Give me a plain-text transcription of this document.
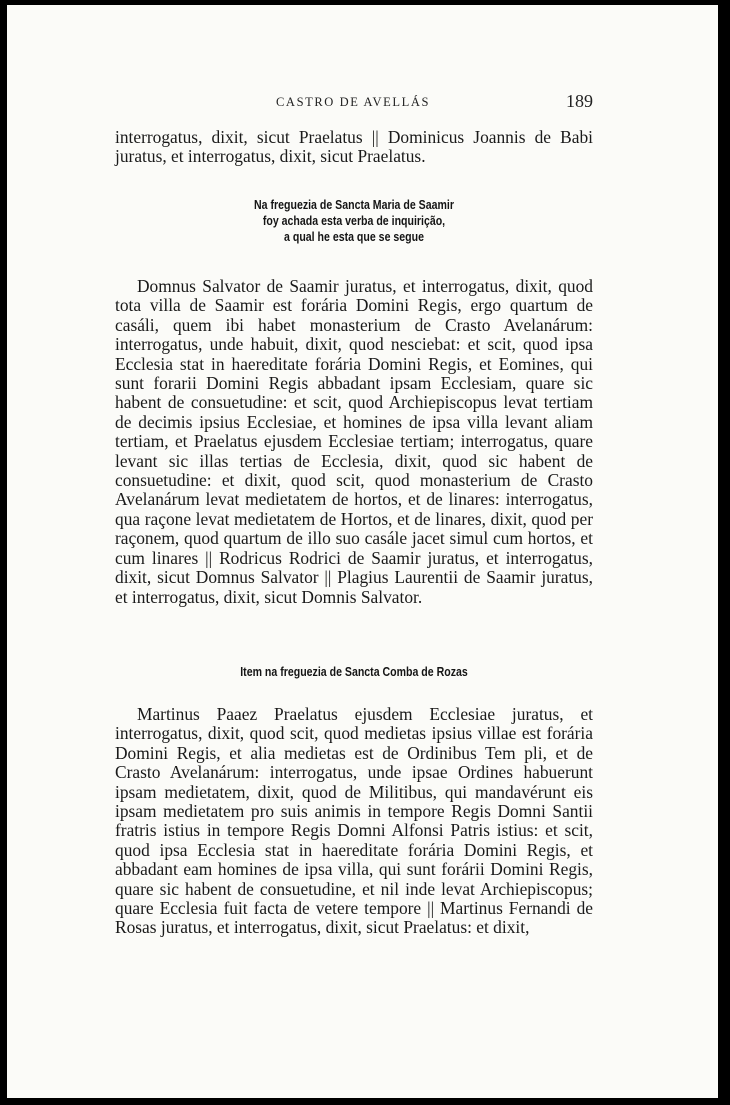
CASTRO DE AVELLÁS	189

interrogatus, dixit, sicut Praelatus || Dominicus Joannis de Babi juratus, et interrogatus, dixit, sicut Praelatus.

Na freguezia de Sancta Maria de Saamir
foy achada esta verba de inquirição,
a qual he esta que se segue

Domnus Salvator de Saamir juratus, et interrogatus, dixit, quod tota villa de Saamir est forária Domini Regis, ergo quartum de casáli, quem ibi habet monasterium de Crasto Avelanárum: interrogatus, unde habuit, dixit, quod nesciebat: et scit, quod ipsa Ecclesia stat in haereditate forária Domini Regis, et Eomines, qui sunt forarii Domini Regis abbadant ipsam Ecclesiam, quare sic habent de consuetudine: et scit, quod Archiepiscopus levat tertiam de decimis ipsius Ecclesiae, et homines de ipsa villa levant aliam tertiam, et Praelatus ejusdem Ecclesiae tertiam; interrogatus, quare levant sic illas tertias de Ecclesia, dixit, quod sic habent de consuetudine: et dixit, quod scit, quod monasterium de Crasto Avelanárum levat medietatem de hortos, et de linares: interrogatus, qua raçone levat medietatem de Hortos, et de linares, dixit, quod per raçonem, quod quartum de illo suo casále jacet simul cum hortos, et cum linares || Rodricus Rodrici de Saamir juratus, et interrogatus, dixit, sicut Domnus Salvator || Plagius Laurentii de Saamir juratus, et interrogatus, dixit, sicut Domnis Salvator.

Item na freguezia de Sancta Comba de Rozas

Martinus Paaez Praelatus ejusdem Ecclesiae juratus, et interrogatus, dixit, quod scit, quod medietas ipsius villae est forária Domini Regis, et alia medietas est de Ordinibus Tem pli, et de Crasto Avelanárum: interrogatus, unde ipsae Ordines habuerunt ipsam medietatem, dixit, quod de Militibus, qui mandavérunt eis ipsam medietatem pro suis animis in tempore Regis Domni Santii fratris istius in tempore Regis Domni Alfonsi Patris istius: et scit, quod ipsa Ecclesia stat in haereditate forária Domini Regis, et abbadant eam homines de ipsa villa, qui sunt forárii Domini Regis, quare sic habent de consuetudine, et nil inde levat Archiepiscopus; quare Ecclesia fuit facta de vetere tempore || Martinus Fernandi de Rosas juratus, et interrogatus, dixit, sicut Praelatus: et dixit,
